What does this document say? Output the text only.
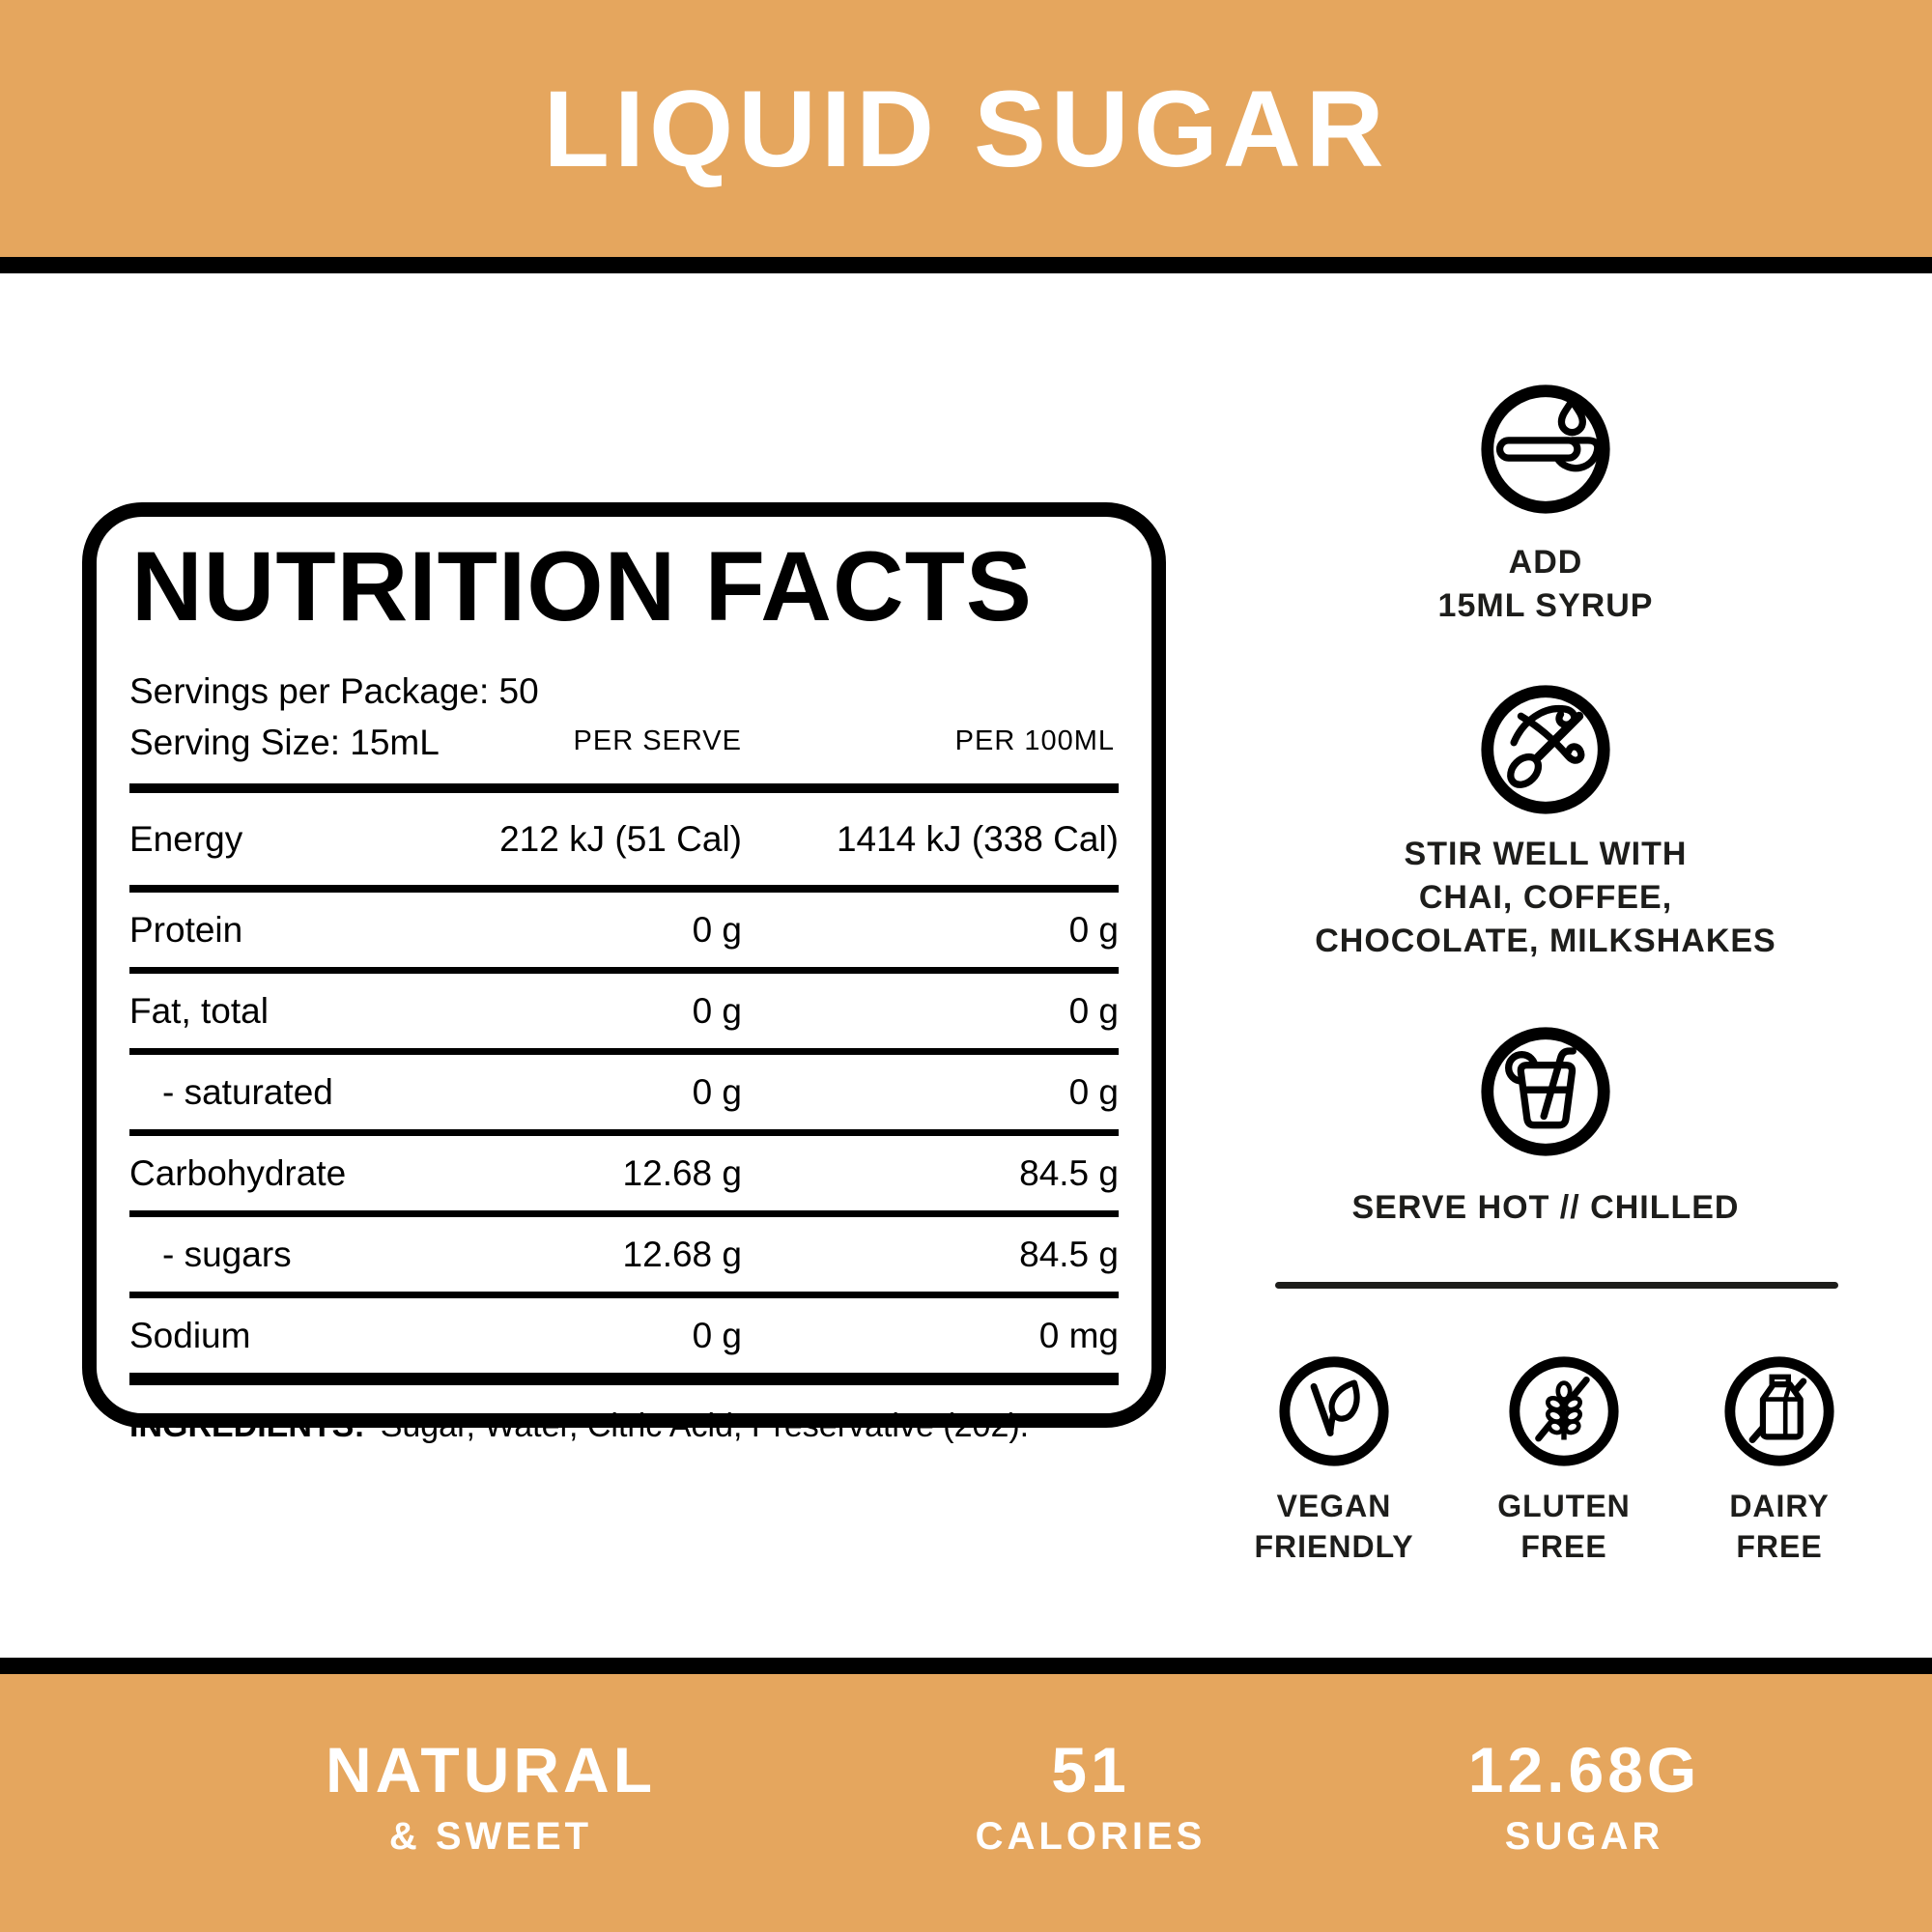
LIQUID SUGAR
NUTRITION FACTS
Servings per Package: 50
Serving Size: 15mL	PER SERVE	PER 100ML
Energy	212 kJ (51 Cal)	1414 kJ (338 Cal)
Protein	0 g	0 g
Fat, total	0 g	0 g
- saturated	0 g	0 g
Carbohydrate	12.68 g	84.5 g
- sugars	12.68 g	84.5 g
Sodium	0 g	0 mg
INGREDIENTS: Sugar, Water, Citric Acid, Preservative (202).
ADD
15ML SYRUP
STIR WELL WITH
CHAI, COFFEE,
CHOCOLATE, MILKSHAKES
SERVE HOT // CHILLED
VEGAN
FRIENDLY
GLUTEN
FREE
DAIRY
FREE
NATURAL
& SWEET
51
CALORIES
12.68G
SUGAR
